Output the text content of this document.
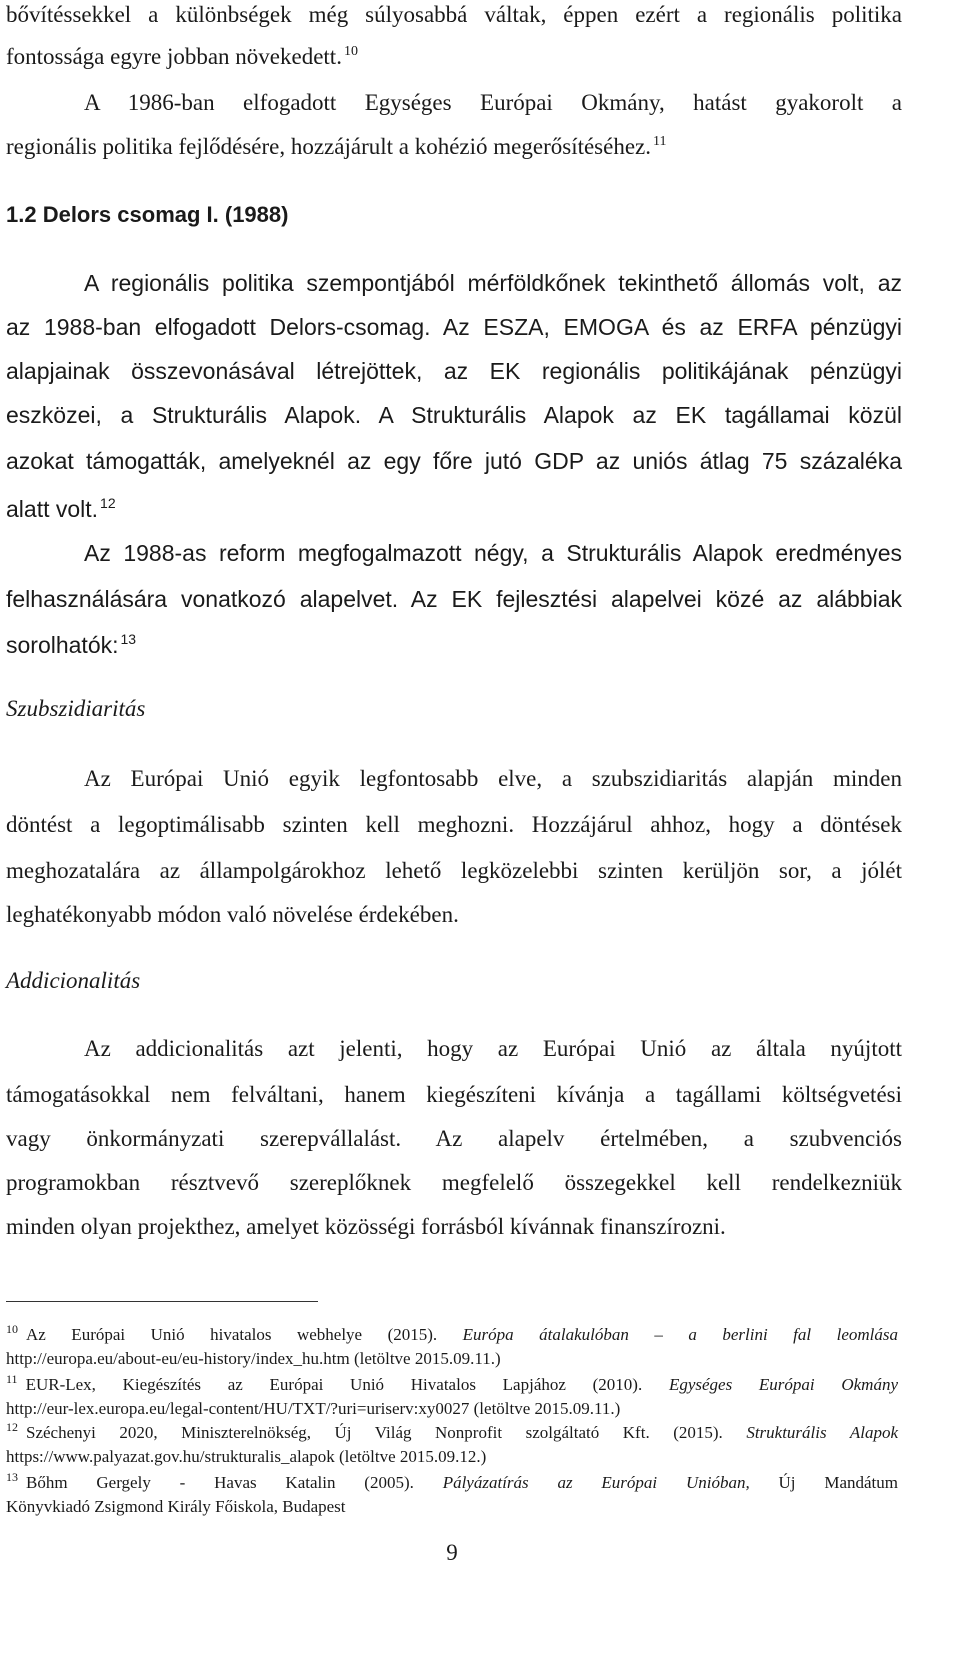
bővítéssekkel a különbségek még súlyosabbá váltak, éppen ezért a regionális politika
fontossága egyre jobban növekedett. $^{10}$
A 1986-ban elfogadott Egységes Európai Okmány, hatást gyakorolt a
regionális politika fejlődésére, hozzájárult a kohézió megerősítéséhez. $^{11}$
1.2 Delors csomag I. (1988)
A regionális politika szempontjából mérföldkőnek tekinthető állomás volt, az
az 1988-ban elfogadott Delors-csomag. Az ESZA, EMOGA és az ERFA pénzügyi
alapjainak összevonásával létrejöttek, az EK regionális politikájának pénzügyi
eszközei, a Strukturális Alapok. A Strukturális Alapok az EK tagállamai közül
azokat támogatták, amelyeknél az egy főre jutó GDP az uniós átlag 75 százaléka
alatt volt. $^{12}$
Az 1988-as reform megfogalmazott négy, a Strukturális Alapok eredményes
felhasználására vonatkozó alapelvet. Az EK fejlesztési alapelvei közé az alábbiak
sorolhatók: $^{13}$
Szubszidiaritás
Az Európai Unió egyik legfontosabb elve, a szubszidiaritás alapján minden
döntést a legoptimálisabb szinten kell meghozni. Hozzájárul ahhoz, hogy a döntések
meghozatalára az állampolgárokhoz lehető legközelebbi szinten kerüljön sor, a jólét
leghatékonyabb módon való növelése érdekében.
Addicionalitás
Az addicionalitás azt jelenti, hogy az Európai Unió az általa nyújtott
támogatásokkal nem felváltani, hanem kiegészíteni kívánja a tagállami költségvetési
vagy önkormányzati szerepvállalást. Az alapelv értelmében, a szubvenciós
programokban résztvevő szereplőknek megfelelő összegekkel kell rendelkezniük
minden olyan projekthez, amelyet közösségi forrásból kívánnak finanszírozni.
$^{10}$ Az Európai Unió hivatalos webhelye (2015). Európa átalakulóban – a berlini fal leomlása
http://europa.eu/about-eu/eu-history/index_hu.htm (letöltve 2015.09.11.)
$^{11}$ EUR-Lex, Kiegészítés az Európai Unió Hivatalos Lapjához (2010). Egységes Európai Okmány
http://eur-lex.europa.eu/legal-content/HU/TXT/?uri=uriserv:xy0027 (letöltve 2015.09.11.)
$^{12}$ Széchenyi 2020, Miniszterelnökség, Új Világ Nonprofit szolgáltató Kft. (2015). Strukturális Alapok
https://www.palyazat.gov.hu/strukturalis_alapok (letöltve 2015.09.12.)
$^{13}$ Bőhm Gergely - Havas Katalin (2005). Pályázatírás az Európai Unióban, Új Mandátum
Könyvkiadó Zsigmond Király Főiskola, Budapest
9
